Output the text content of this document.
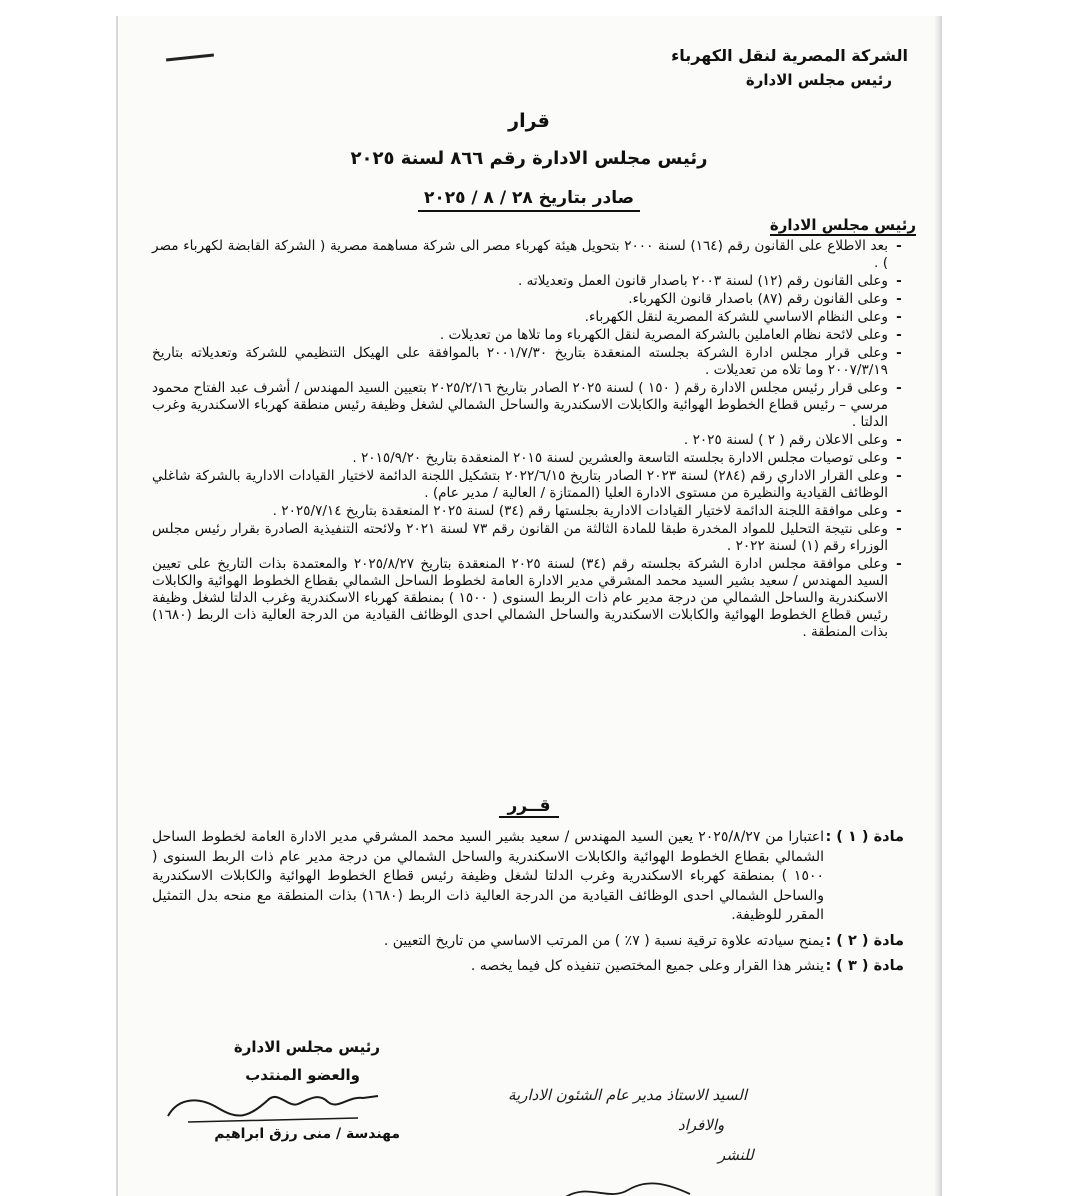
الشركة المصرية لنقل الكهرباء
رئيس مجلس الادارة
قرار
رئيس مجلس الادارة رقم ٨٦٦ لسنة ٢٠٢٥
صادر بتاريخ ٢٨ / ٨ / ٢٠٢٥
رئيس مجلس الادارة
-
بعد الاطلاع على القانون رقم (١٦٤) لسنة ٢٠٠٠ بتحويل هيئة كهرباء مصر الى شركة مساهمة مصرية ( الشركة القابضة لكهرباء مصر ) .
-
وعلى القانون رقم (١٢) لسنة ٢٠٠٣ باصدار قانون العمل وتعديلاته .
-
وعلى القانون رقم (٨٧) باصدار قانون الكهرباء.
-
وعلى النظام الاساسي للشركة المصرية لنقل الكهرباء.
-
وعلى لائحة نظام العاملين بالشركة المصرية لنقل الكهرباء وما تلاها من تعديلات .
-
وعلى قرار مجلس ادارة الشركة بجلسته المنعقدة بتاريخ ٢٠٠١/٧/٣٠ بالموافقة على الهيكل التنظيمي للشركة وتعديلاته بتاريخ ٢٠٠٧/٣/١٩ وما تلاه من تعديلات .
-
وعلى قرار رئيس مجلس الادارة رقم ( ١٥٠ ) لسنة ٢٠٢٥ الصادر بتاريخ ٢٠٢٥/٢/١٦ بتعيين السيد المهندس / أشرف عبد الفتاح محمود مرسي – رئيس قطاع الخطوط الهوائية والكابلات الاسكندرية والساحل الشمالي لشغل وظيفة رئيس منطقة كهرباء الاسكندرية وغرب الدلتا .
-
وعلى الاعلان رقم ( ٢ ) لسنة ٢٠٢٥ .
-
وعلى توصيات مجلس الادارة بجلسته التاسعة والعشرين لسنة ٢٠١٥ المنعقدة بتاريخ ٢٠١٥/٩/٢٠ .
-
وعلى القرار الاداري رقم (٢٨٤) لسنة ٢٠٢٣ الصادر بتاريخ ٢٠٢٢/٦/١٥ بتشكيل اللجنة الدائمة لاختيار القيادات الادارية بالشركة شاغلي الوظائف القيادية والنظيرة من مستوى الادارة العليا (الممتازة / العالية / مدير عام) .
-
وعلى موافقة اللجنة الدائمة لاختيار القيادات الادارية بجلستها رقم (٣٤) لسنة ٢٠٢٥ المنعقدة بتاريخ ٢٠٢٥/٧/١٤ .
-
وعلى نتيجة التحليل للمواد المخدرة طبقا للمادة الثالثة من القانون رقم ٧٣ لسنة ٢٠٢١ ولائحته التنفيذية الصادرة بقرار رئيس مجلس الوزراء رقم (١) لسنة ٢٠٢٢ .
-
وعلى موافقة مجلس ادارة الشركة بجلسته رقم (٣٤) لسنة ٢٠٢٥ المنعقدة بتاريخ ٢٠٢٥/٨/٢٧ والمعتمدة بذات التاريخ على تعيين السيد المهندس / سعيد بشير السيد محمد المشرقي مدير الادارة العامة لخطوط الساحل الشمالي بقطاع الخطوط الهوائية والكابلات الاسكندرية والساحل الشمالي من درجة مدير عام ذات الربط السنوى ( ١٥٠٠ ) بمنطقة كهرباء الاسكندرية وغرب الدلتا لشغل وظيفة رئيس قطاع الخطوط الهوائية والكابلات الاسكندرية والساحل الشمالي احدى الوظائف القيادية من الدرجة العالية ذات الربط (١٦٨٠) بذات المنطقة .
قــرر
مادة ( ١ ) :
اعتبارا من ٢٠٢٥/٨/٢٧ يعين السيد المهندس / سعيد بشير السيد محمد المشرقي مدير الادارة العامة لخطوط الساحل الشمالي بقطاع الخطوط الهوائية والكابلات الاسكندرية والساحل الشمالي من درجة مدير عام ذات الربط السنوى ( ١٥٠٠ ) بمنطقة كهرباء الاسكندرية وغرب الدلتا لشغل وظيفة رئيس قطاع الخطوط الهوائية والكابلات الاسكندرية والساحل الشمالي احدى الوظائف القيادية من الدرجة العالية ذات الربط (١٦٨٠) بذات المنطقة مع منحه بدل التمثيل المقرر للوظيفة.
مادة ( ٢ ) :
يمنح سيادته علاوة ترقية نسبة ( ٧٪ ) من المرتب الاساسي من تاريخ التعيين .
مادة ( ٣ ) :
ينشر هذا القرار وعلى جميع المختصين تنفيذه كل فيما يخصه .
رئيس مجلس الادارة
والعضو المنتدب
مهندسة / منى رزق ابراهيم
السيد الاستاذ مدير عام الشئون الادارية
والافراد
للنشر
